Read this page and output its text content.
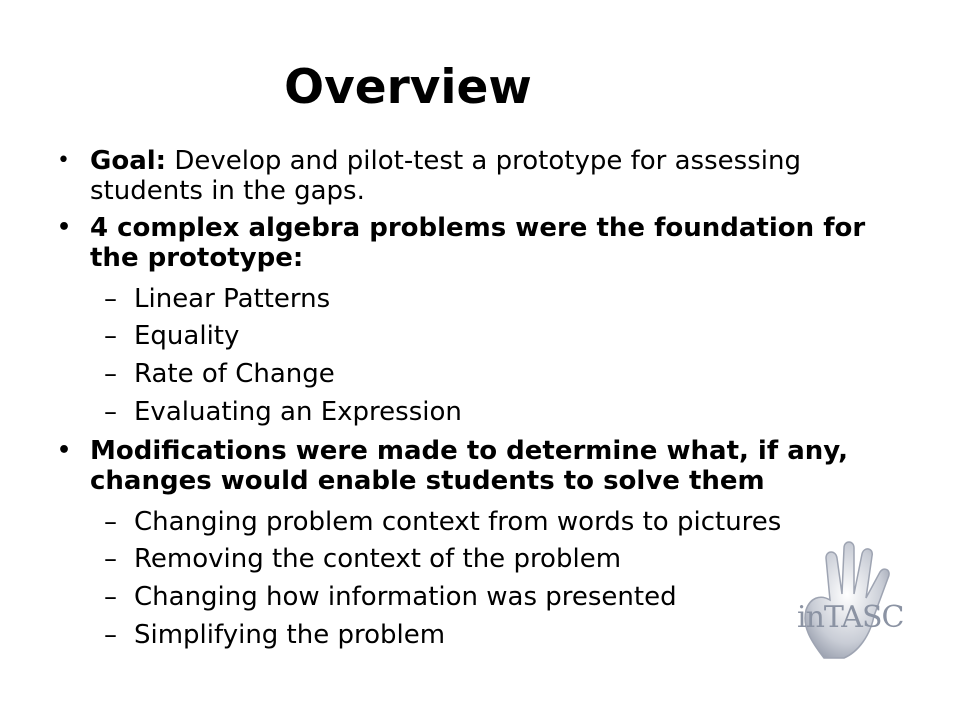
Overview
• Goal: Develop and pilot-test a prototype for assessing students in the gaps.
• 4 complex algebra problems were the foundation for the prototype:
– Linear Patterns
– Equality
– Rate of Change
– Evaluating an Expression
• Modifications were made to determine what, if any, changes would enable students to solve them
– Changing problem context from words to pictures
– Removing the context of the problem
– Changing how information was presented
– Simplifying the problem	inTASC
